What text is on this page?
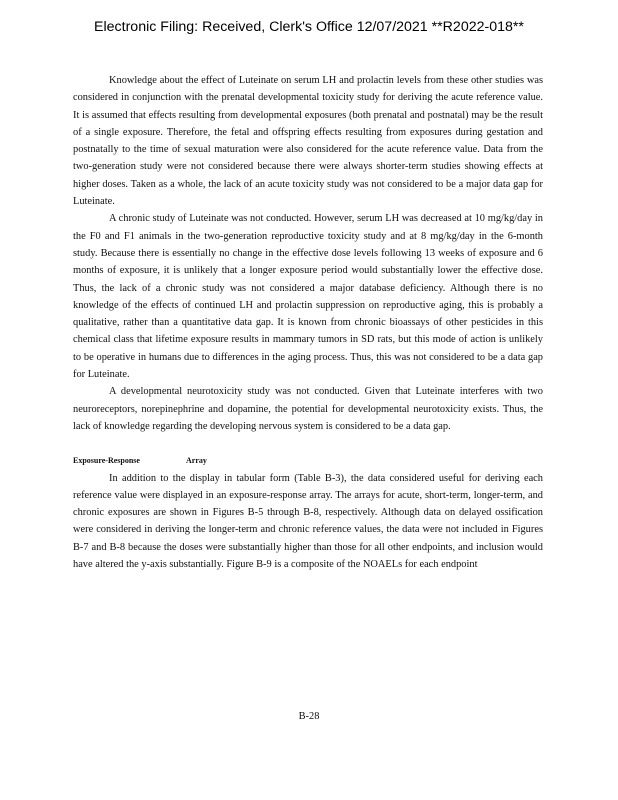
Electronic Filing: Received, Clerk's Office 12/07/2021 **R2022-018**

Knowledge about the effect of Luteinate on serum LH and prolactin levels from these other studies was considered in conjunction with the prenatal developmental toxicity study for deriving the acute reference value. It is assumed that effects resulting from developmental exposures (both prenatal and postnatal) may be the result of a single exposure. Therefore, the fetal and offspring effects resulting from exposures during gestation and postnatally to the time of sexual maturation were also considered for the acute reference value. Data from the two-generation study were not considered because there were always shorter-term studies showing effects at higher doses. Taken as a whole, the lack of an acute toxicity study was not considered to be a major data gap for Luteinate.

A chronic study of Luteinate was not conducted. However, serum LH was decreased at 10 mg/kg/day in the F0 and F1 animals in the two-generation reproductive toxicity study and at 8 mg/kg/day in the 6-month study. Because there is essentially no change in the effective dose levels following 13 weeks of exposure and 6 months of exposure, it is unlikely that a longer exposure period would substantially lower the effective dose. Thus, the lack of a chronic study was not considered a major database deficiency. Although there is no knowledge of the effects of continued LH and prolactin suppression on reproductive aging, this is probably a qualitative, rather than a quantitative data gap. It is known from chronic bioassays of other pesticides in this chemical class that lifetime exposure results in mammary tumors in SD rats, but this mode of action is unlikely to be operative in humans due to differences in the aging process. Thus, this was not considered to be a data gap for Luteinate.

A developmental neurotoxicity study was not conducted. Given that Luteinate interferes with two neuroreceptors, norepinephrine and dopamine, the potential for developmental neurotoxicity exists. Thus, the lack of knowledge regarding the developing nervous system is considered to be a data gap.

Exposure-Response	Array

In addition to the display in tabular form (Table B-3), the data considered useful for deriving each reference value were displayed in an exposure-response array. The arrays for acute, short-term, longer-term, and chronic exposures are shown in Figures B-5 through B-8, respectively. Although data on delayed ossification were considered in deriving the longer-term and chronic reference values, the data were not included in Figures B-7 and B-8 because the doses were substantially higher than those for all other endpoints, and inclusion would have altered the y-axis substantially. Figure B-9 is a composite of the NOAELs for each endpoint

B-28
